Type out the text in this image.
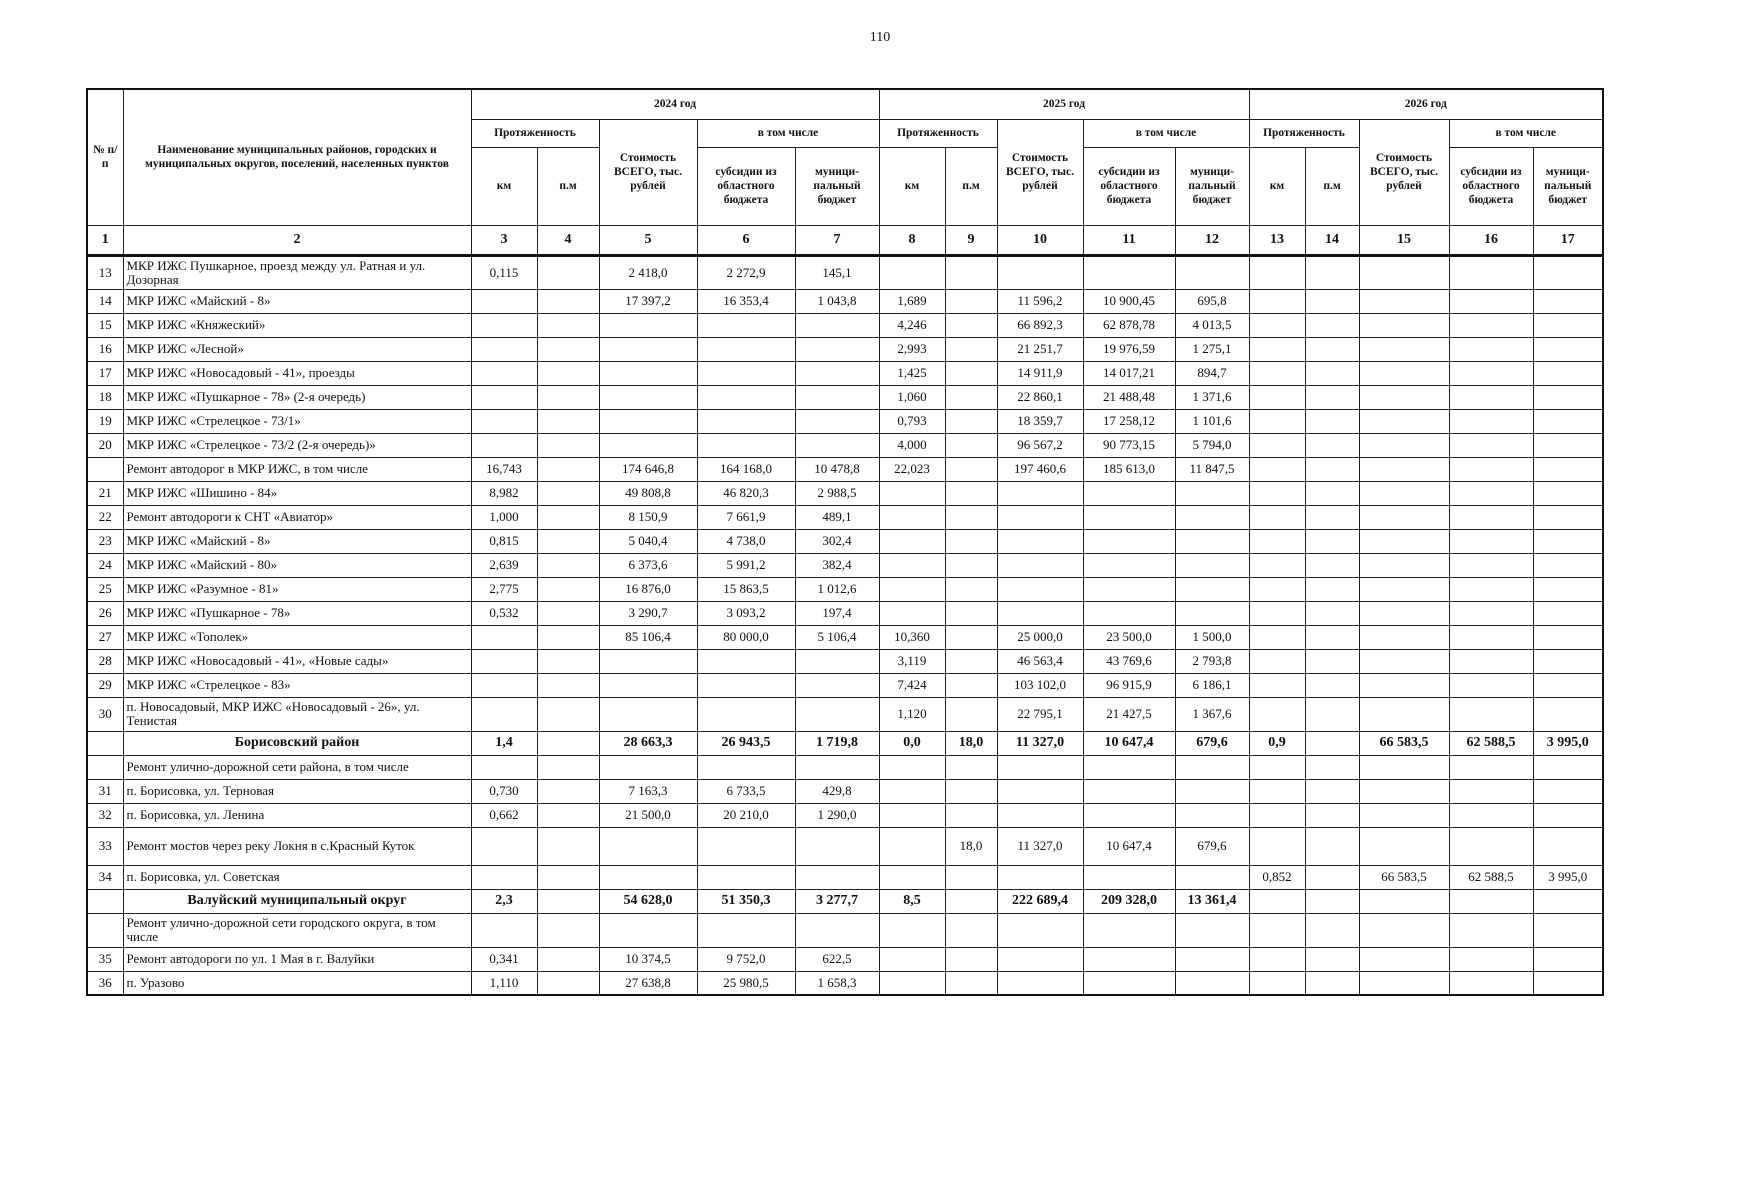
110
№ п/п	Наименование муниципальных районов, городских и муниципальных округов, поселений, населенных пунктов	2024 год					2025 год					2026 год				
		Протяженность		Стоимость ВСЕГО, тыс. рублей	в том числе		Протяженность		Стоимость ВСЕГО, тыс. рублей	в том числе		Протяженность		Стоимость ВСЕГО, тыс. рублей	в том числе	
		км	п.м		субсидии из областного бюджета	муници-пальный бюджет	км	п.м		субсидии из областного бюджета	муници-пальный бюджет	км	п.м		субсидии из областного бюджета	муници-пальный бюджет
1	2	3	4	5	6	7	8	9	10	11	12	13	14	15	16	17
13	МКР ИЖС Пушкарное, проезд между ул. Ратная и ул. Дозорная	0,115		2 418,0	2 272,9	145,1										
14	МКР ИЖС «Майский - 8»			17 397,2	16 353,4	1 043,8	1,689		11 596,2	10 900,45	695,8					
15	МКР ИЖС «Княжеский»						4,246		66 892,3	62 878,78	4 013,5					
16	МКР ИЖС «Лесной»						2,993		21 251,7	19 976,59	1 275,1					
17	МКР ИЖС «Новосадовый - 41», проезды						1,425		14 911,9	14 017,21	894,7					
18	МКР ИЖС «Пушкарное - 78» (2-я очередь)						1,060		22 860,1	21 488,48	1 371,6					
19	МКР ИЖС «Стрелецкое - 73/1»						0,793		18 359,7	17 258,12	1 101,6					
20	МКР ИЖС «Стрелецкое - 73/2 (2-я очередь)»						4,000		96 567,2	90 773,15	5 794,0					
	Ремонт автодорог в МКР ИЖС, в том числе	16,743		174 646,8	164 168,0	10 478,8	22,023		197 460,6	185 613,0	11 847,5					
21	МКР ИЖС «Шишино - 84»	8,982		49 808,8	46 820,3	2 988,5										
22	Ремонт автодороги к СНТ «Авиатор»	1,000		8 150,9	7 661,9	489,1										
23	МКР ИЖС «Майский - 8»	0,815		5 040,4	4 738,0	302,4										
24	МКР ИЖС «Майский - 80»	2,639		6 373,6	5 991,2	382,4										
25	МКР ИЖС «Разумное - 81»	2,775		16 876,0	15 863,5	1 012,6										
26	МКР ИЖС «Пушкарное - 78»	0,532		3 290,7	3 093,2	197,4										
27	МКР ИЖС «Тополек»			85 106,4	80 000,0	5 106,4	10,360		25 000,0	23 500,0	1 500,0					
28	МКР ИЖС «Новосадовый - 41», «Новые сады»						3,119		46 563,4	43 769,6	2 793,8					
29	МКР ИЖС «Стрелецкое - 83»						7,424		103 102,0	96 915,9	6 186,1					
30	п. Новосадовый, МКР ИЖС «Новосадовый - 26», ул. Тенистая						1,120		22 795,1	21 427,5	1 367,6					
	Борисовский район	1,4		28 663,3	26 943,5	1 719,8	0,0	18,0	11 327,0	10 647,4	679,6	0,9		66 583,5	62 588,5	3 995,0
	Ремонт улично-дорожной сети района, в том числе															
31	п. Борисовка, ул. Терновая	0,730		7 163,3	6 733,5	429,8										
32	п. Борисовка, ул. Ленина	0,662		21 500,0	20 210,0	1 290,0										
33	Ремонт мостов через реку Локня в с.Красный Куток							18,0	11 327,0	10 647,4	679,6					
34	п. Борисовка, ул. Советская											0,852		66 583,5	62 588,5	3 995,0
	Валуйский муниципальный округ	2,3		54 628,0	51 350,3	3 277,7	8,5		222 689,4	209 328,0	13 361,4					
	Ремонт улично-дорожной сети городского округа, в том числе															
35	Ремонт автодороги по ул. 1 Мая в г. Валуйки	0,341		10 374,5	9 752,0	622,5										
36	п. Уразово	1,110		27 638,8	25 980,5	1 658,3										
